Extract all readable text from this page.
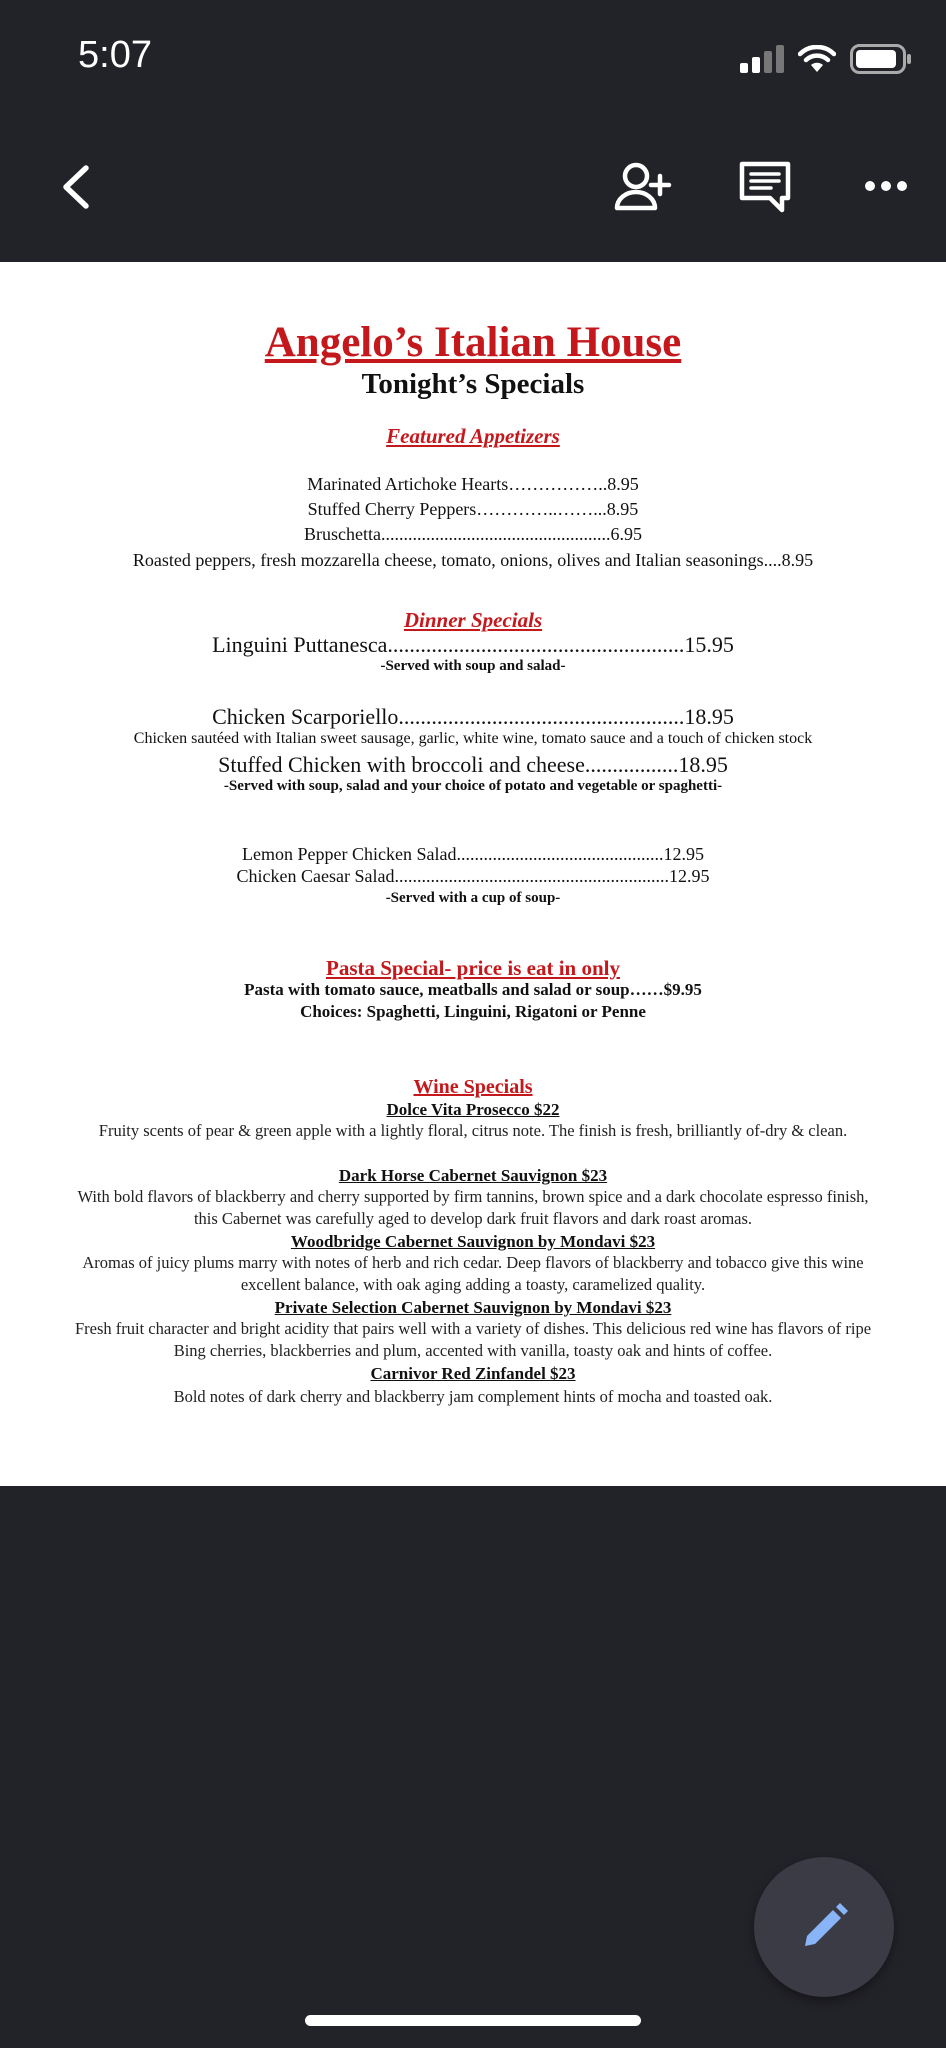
5:07
Angelo’s Italian House
Tonight’s Specials
Featured Appetizers
Marinated Artichoke Hearts……………..8.95
Stuffed Cherry Peppers…………..……...8.95
Bruschetta...................................................6.95
Roasted peppers, fresh mozzarella cheese, tomato, onions, olives and Italian seasonings....8.95
Dinner Specials
Linguini Puttanesca......................................................15.95
-Served with soup and salad-
Chicken Scarporiello....................................................18.95
Chicken sautéed with Italian sweet sausage, garlic, white wine, tomato sauce and a touch of chicken stock
Stuffed Chicken with broccoli and cheese.................18.95
-Served with soup, salad and your choice of potato and vegetable or spaghetti-
Lemon Pepper Chicken Salad..............................................12.95
Chicken Caesar Salad.............................................................12.95
-Served with a cup of soup-
Pasta Special- price is eat in only
Pasta with tomato sauce, meatballs and salad or soup……$9.95
Choices: Spaghetti, Linguini, Rigatoni or Penne
Wine Specials
Dolce Vita Prosecco $22
Fruity scents of pear & green apple with a lightly floral, citrus note. The finish is fresh, brilliantly of-dry & clean.
Dark Horse Cabernet Sauvignon $23
With bold flavors of blackberry and cherry supported by firm tannins, brown spice and a dark chocolate espresso finish, this Cabernet was carefully aged to develop dark fruit flavors and dark roast aromas.
Woodbridge Cabernet Sauvignon by Mondavi $23
Aromas of juicy plums marry with notes of herb and rich cedar. Deep flavors of blackberry and tobacco give this wine excellent balance, with oak aging adding a toasty, caramelized quality.
Private Selection Cabernet Sauvignon by Mondavi $23
Fresh fruit character and bright acidity that pairs well with a variety of dishes. This delicious red wine has flavors of ripe Bing cherries, blackberries and plum, accented with vanilla, toasty oak and hints of coffee.
Carnivor Red Zinfandel $23
Bold notes of dark cherry and blackberry jam complement hints of mocha and toasted oak.
